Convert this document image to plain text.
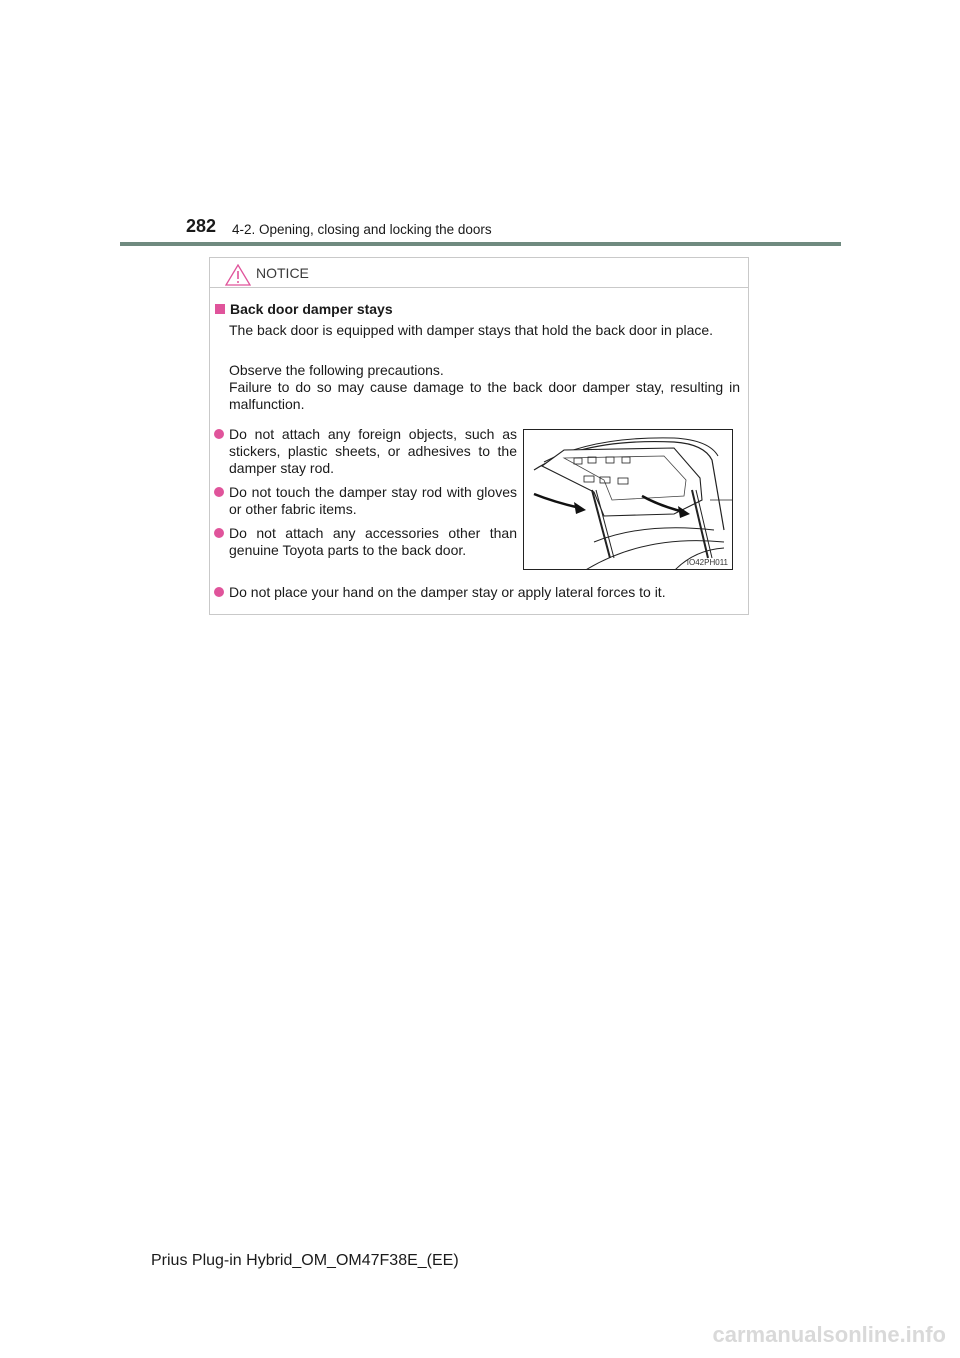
282 4-2. Opening, closing and locking the doors
NOTICE
Back door damper stays

The back door is equipped with damper stays that hold the back door in place.

Observe the following precautions.
Failure to do so may cause damage to the back door damper stay, resulting in malfunction.

Do not attach any foreign objects, such as stickers, plastic sheets, or adhesives to the damper stay rod.

Do not touch the damper stay rod with gloves or other fabric items.

Do not attach any accessories other than genuine Toyota parts to the back door.

Do not place your hand on the damper stay or apply lateral forces to it.

IO42PH011
Prius Plug-in Hybrid_OM_OM47F38E_(EE)
carmanualsonline.info
